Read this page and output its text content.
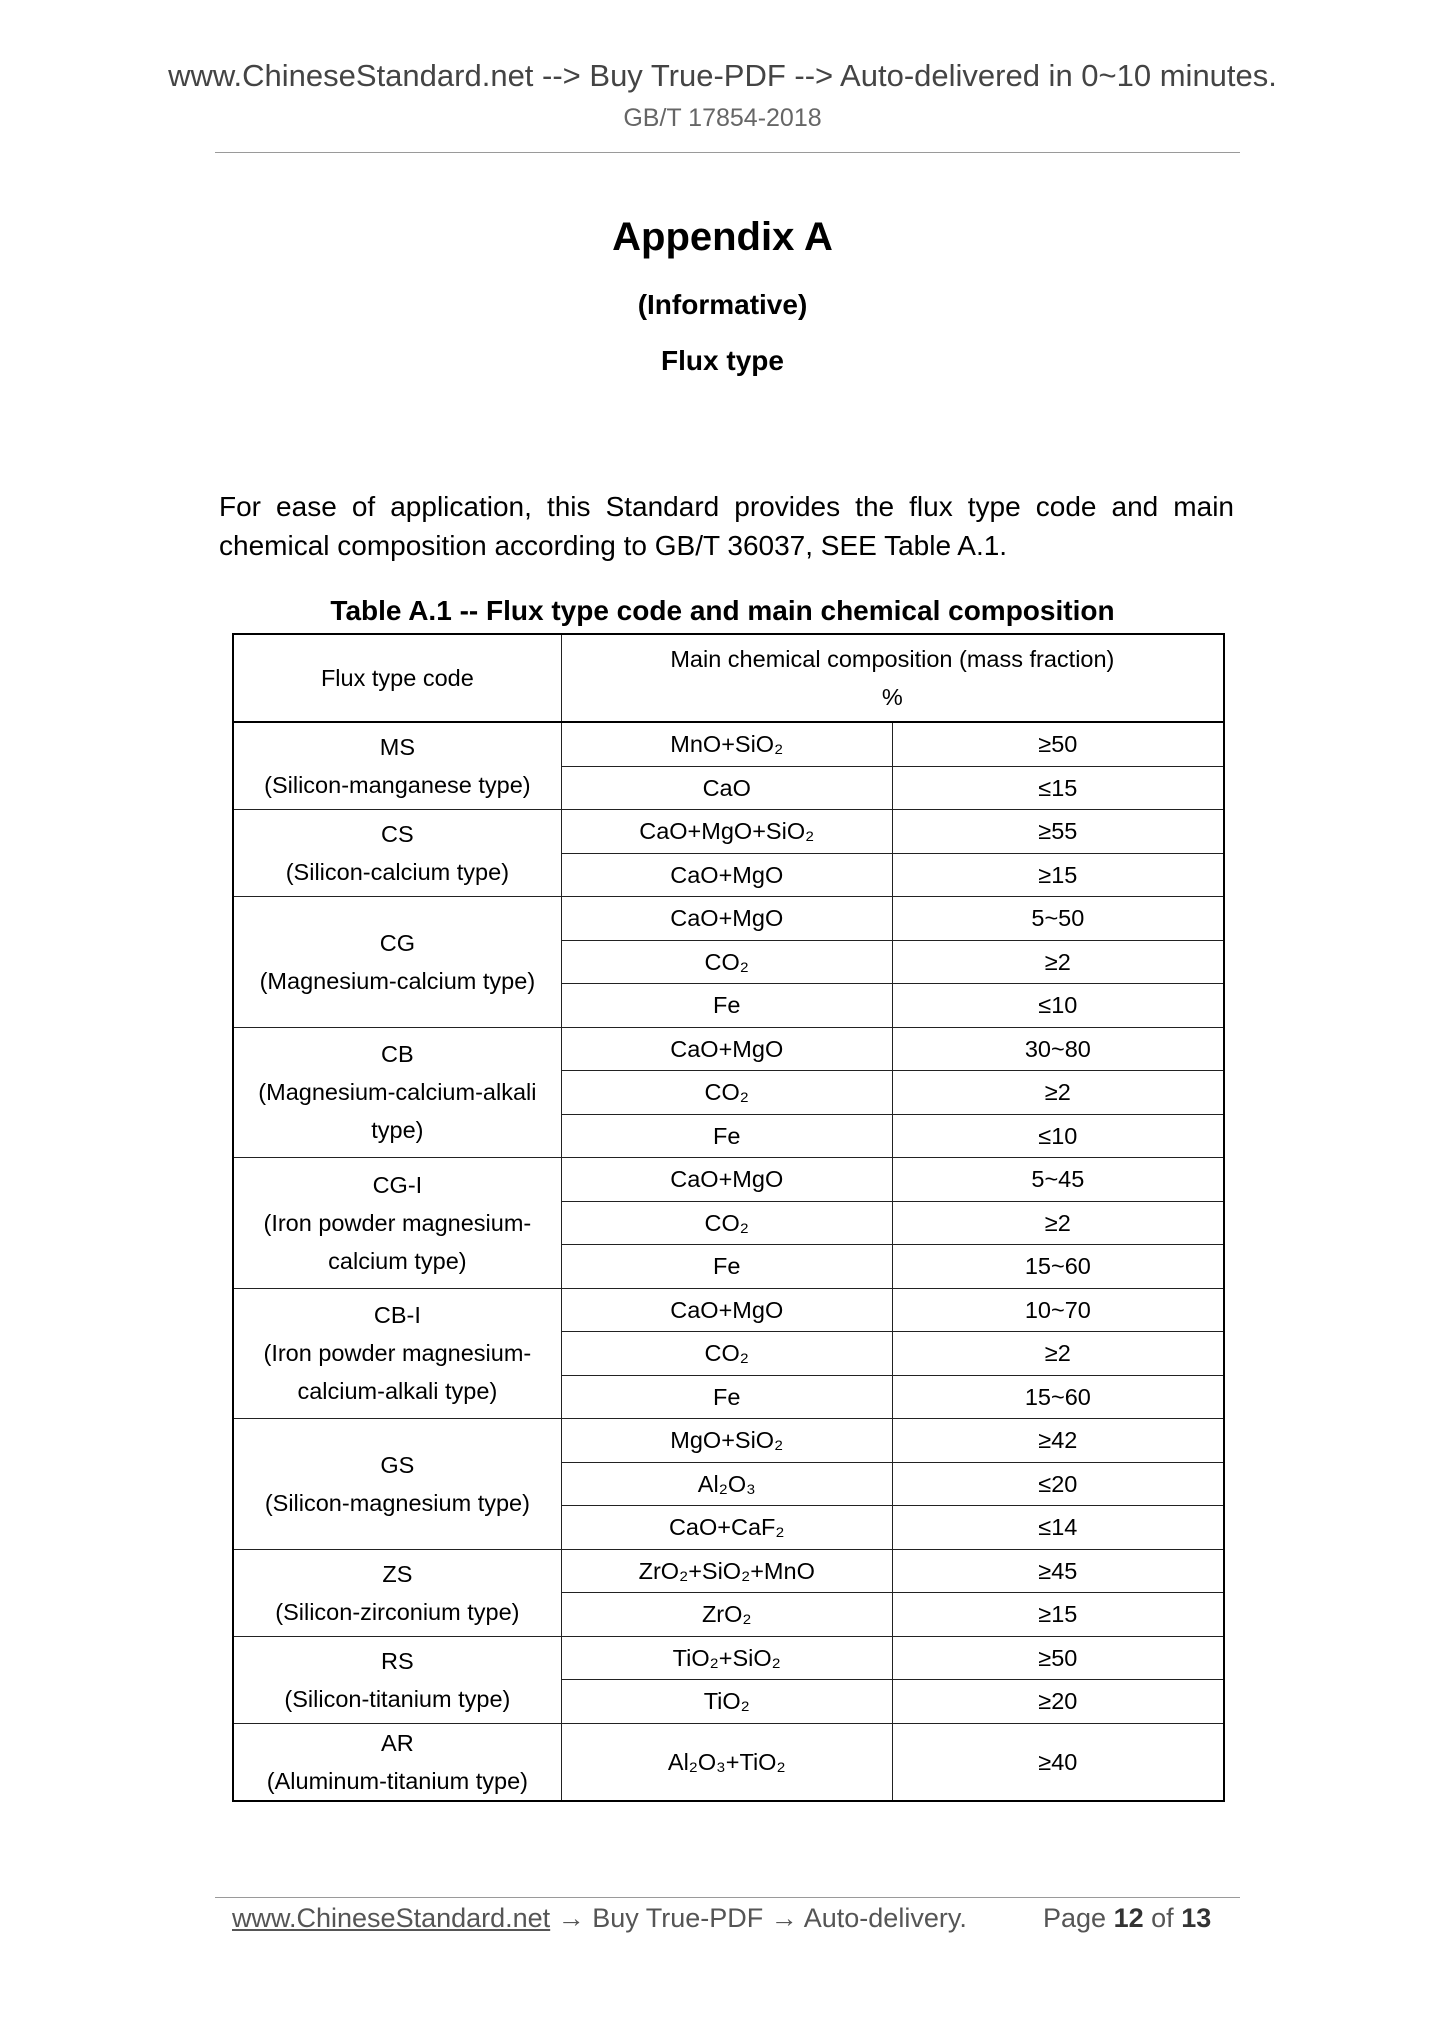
www.ChineseStandard.net --> Buy True-PDF --> Auto-delivered in 0~10 minutes.
GB/T 17854-2018
Appendix A
(Informative)
Flux type
For ease of application, this Standard provides the flux type code and main chemical composition according to GB/T 36037, SEE Table A.1.
Table A.1 -- Flux type code and main chemical composition
Flux type code	Main chemical composition (mass fraction)
%	

MS
(Silicon-manganese type)	MnO+SiO₂	≥50
	CaO	≤15

CS
(Silicon-calcium type)	CaO+MgO+SiO₂	≥55
	CaO+MgO	≥15

CG
(Magnesium-calcium type)	CaO+MgO	5~50
	CO₂	≥2
	Fe	≤10

CB
(Magnesium-calcium-alkali type)	CaO+MgO	30~80
	CO₂	≥2
	Fe	≤10

CG-I
(Iron powder magnesium-calcium type)	CaO+MgO	5~45
	CO₂	≥2
	Fe	15~60

CB-I
(Iron powder magnesium-calcium-alkali type)	CaO+MgO	10~70
	CO₂	≥2
	Fe	15~60

GS
(Silicon-magnesium type)	MgO+SiO₂	≥42
	Al₂O₃	≤20
	CaO+CaF₂	≤14

ZS
(Silicon-zirconium type)	ZrO₂+SiO₂+MnO	≥45
	ZrO₂	≥15

RS
(Silicon-titanium type)	TiO₂+SiO₂	≥50
	TiO₂	≥20

AR
(Aluminum-titanium type)	Al₂O₃+TiO₂	≥40
www.ChineseStandard.net → Buy True-PDF → Auto-delivery.	Page 12 of 13
